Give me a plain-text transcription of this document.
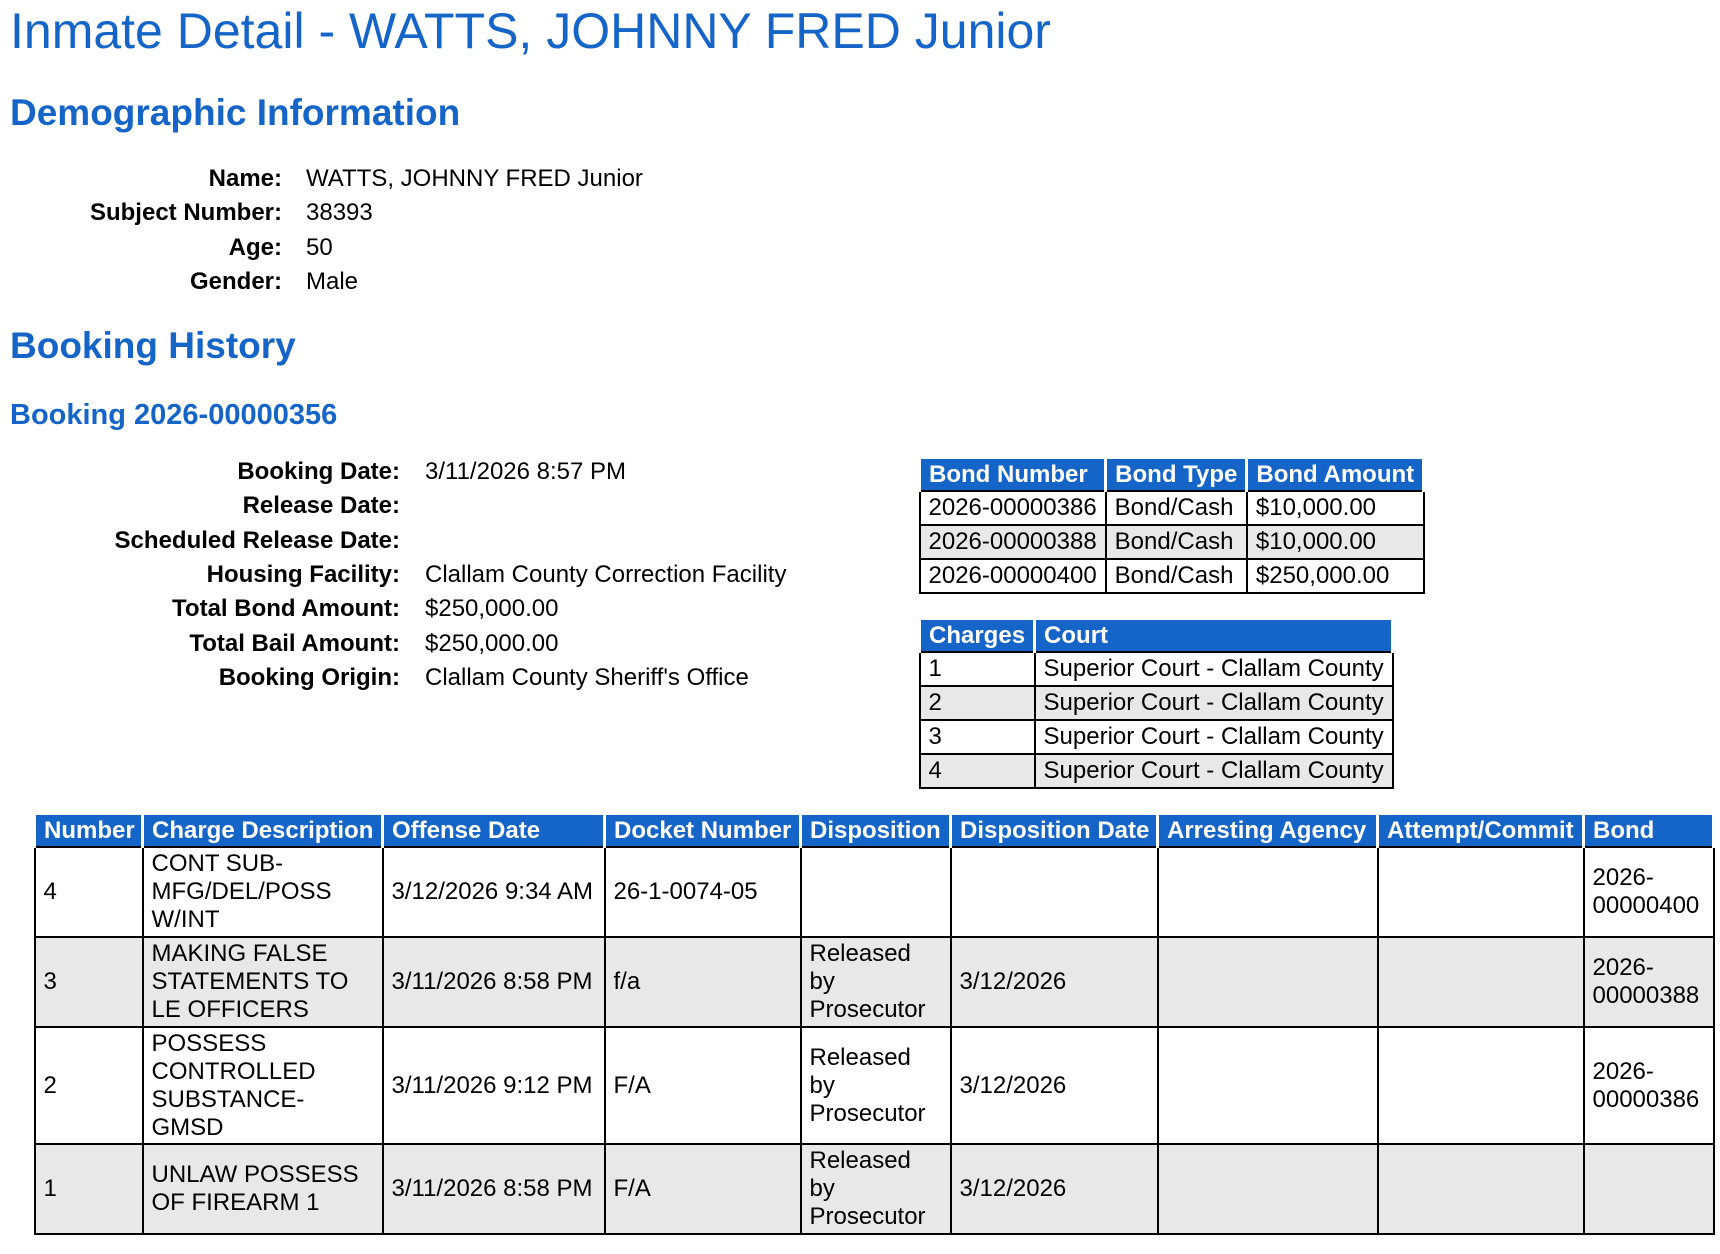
Inmate Detail - WATTS, JOHNNY FRED Junior
Demographic Information
Name:	WATTS, JOHNNY FRED Junior
Subject Number:	38393
Age:	50
Gender:	Male
Booking History
Booking 2026-00000356
Booking Date:	3/11/2026 8:57 PM
Release Date:	
Scheduled Release Date:	
Housing Facility:	Clallam County Correction Facility
Total Bond Amount:	$250,000.00
Total Bail Amount:	$250,000.00
Booking Origin:	Clallam County Sheriff's Office
Bond Number	Bond Type	Bond Amount
2026-00000386	Bond/Cash	$10,000.00
2026-00000388	Bond/Cash	$10,000.00
2026-00000400	Bond/Cash	$250,000.00
Charges	Court
1	Superior Court - Clallam County
2	Superior Court - Clallam County
3	Superior Court - Clallam County
4	Superior Court - Clallam County
Number	Charge Description	Offense Date	Docket Number	Disposition	Disposition Date	Arresting Agency	Attempt/Commit	Bond
4	CONT SUB-MFG/DEL/POSS W/INT	3/12/2026 9:34 AM	26-1-0074-05					2026-00000400
3	MAKING FALSE STATEMENTS TO LE OFFICERS	3/11/2026 8:58 PM	f/a	Released by Prosecutor	3/12/2026			2026-00000388
2	POSSESS CONTROLLED SUBSTANCE-GMSD	3/11/2026 9:12 PM	F/A	Released by Prosecutor	3/12/2026			2026-00000386
1	UNLAW POSSESS OF FIREARM 1	3/11/2026 8:58 PM	F/A	Released by Prosecutor	3/12/2026			
